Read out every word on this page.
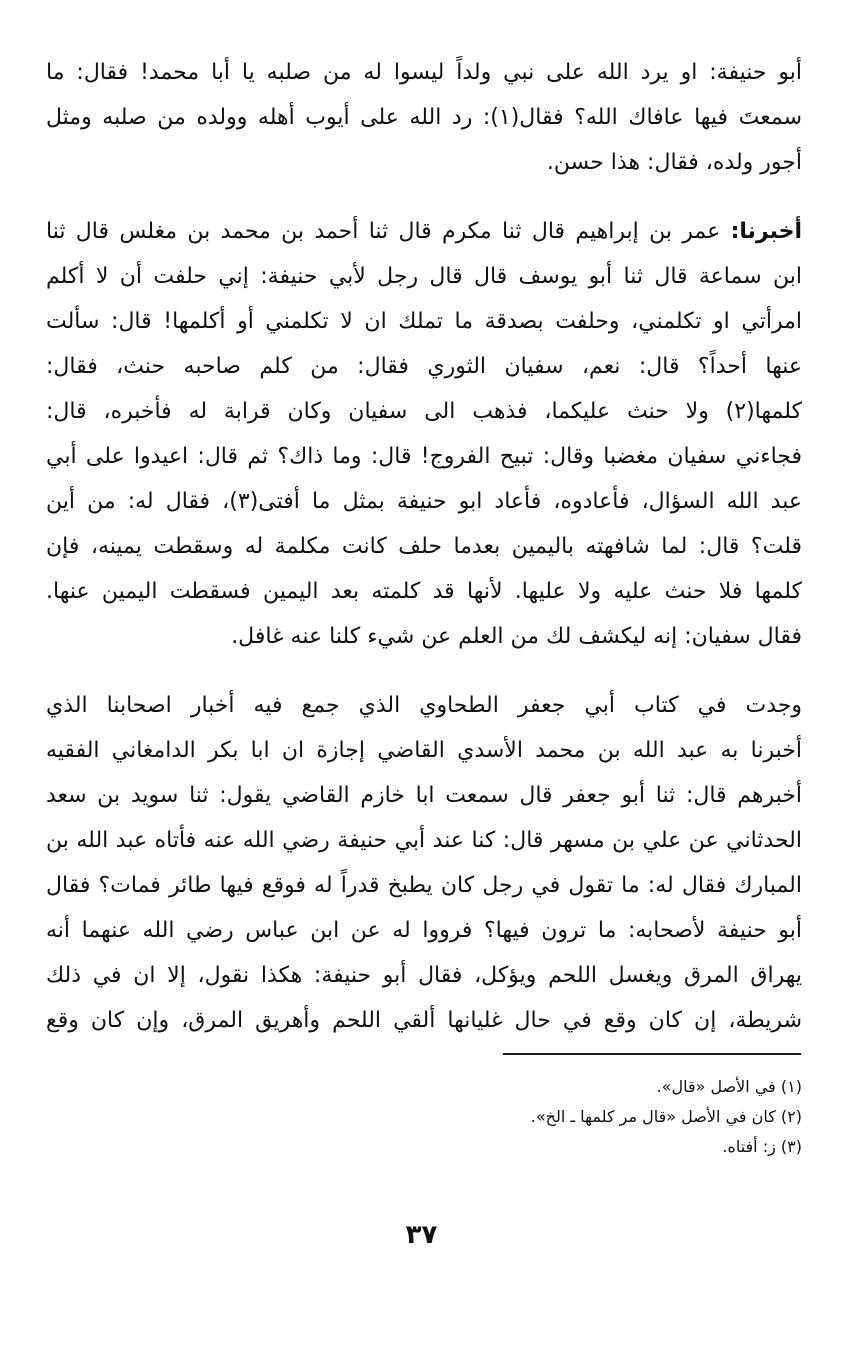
أبو حنيفة: او يرد الله على نبي ولداً ليسوا له من صلبه يا أبا محمد! فقال: ما
سمعتَ فيها عافاك الله؟ فقال(١): رد الله على أيوب أهله وولده من صلبه ومثل
أجور ولده، فقال: هذا حسن.
أخبرنا: عمر بن إبراهيم قال ثنا مكرم قال ثنا أحمد بن محمد بن مغلس قال ثنا
ابن سماعة قال ثنا أبو يوسف قال قال رجل لأبي حنيفة: إني حلفت أن لا أكلم
امرأتي او تكلمني، وحلفت بصدقة ما تملك ان لا تكلمني أو أكلمها! قال: سألت
عنها أحداً؟ قال: نعم، سفيان الثوري فقال: من كلم صاحبه حنث، فقال:
كلمها(٢) ولا حنث عليكما، فذهب الى سفيان وكان قرابة له فأخبره، قال:
فجاءني سفيان مغضبا وقال: تبيح الفروج! قال: وما ذاك؟ ثم قال: اعيدوا على أبي
عبد الله السؤال، فأعادوه، فأعاد ابو حنيفة بمثل ما أفتى(٣)، فقال له: من أين
قلت؟ قال: لما شافهته باليمين بعدما حلف كانت مكلمة له وسقطت يمينه، فإن
كلمها فلا حنث عليه ولا عليها. لأنها قد كلمته بعد اليمين فسقطت اليمين عنها.
فقال سفيان: إنه ليكشف لك من العلم عن شيء كلنا عنه غافل.
وجدت في كتاب أبي جعفر الطحاوي الذي جمع فيه أخبار اصحابنا الذي
أخبرنا به عبد الله بن محمد الأسدي القاضي إجازة ان ابا بكر الدامغاني الفقيه
أخبرهم قال: ثنا أبو جعفر قال سمعت ابا خازم القاضي يقول: ثنا سويد بن سعد
الحدثاني عن علي بن مسهر قال: كنا عند أبي حنيفة رضي الله عنه فأتاه عبد الله بن
المبارك فقال له: ما تقول في رجل كان يطبخ قدراً له فوقع فيها طائر فمات؟ فقال
أبو حنيفة لأصحابه: ما ترون فيها؟ فرووا له عن ابن عباس رضي الله عنهما أنه
يهراق المرق ويغسل اللحم ويؤكل، فقال أبو حنيفة: هكذا نقول، إلا ان في ذلك
شريطة، إن كان وقع في حال غليانها ألقي اللحم وأهريق المرق، وإن كان وقع
(١) في الأصل «قال».
(٢) كان في الأصل «قال مر كلمها ـ الخ».
(٣) ز: أفتاه.
٣٧
